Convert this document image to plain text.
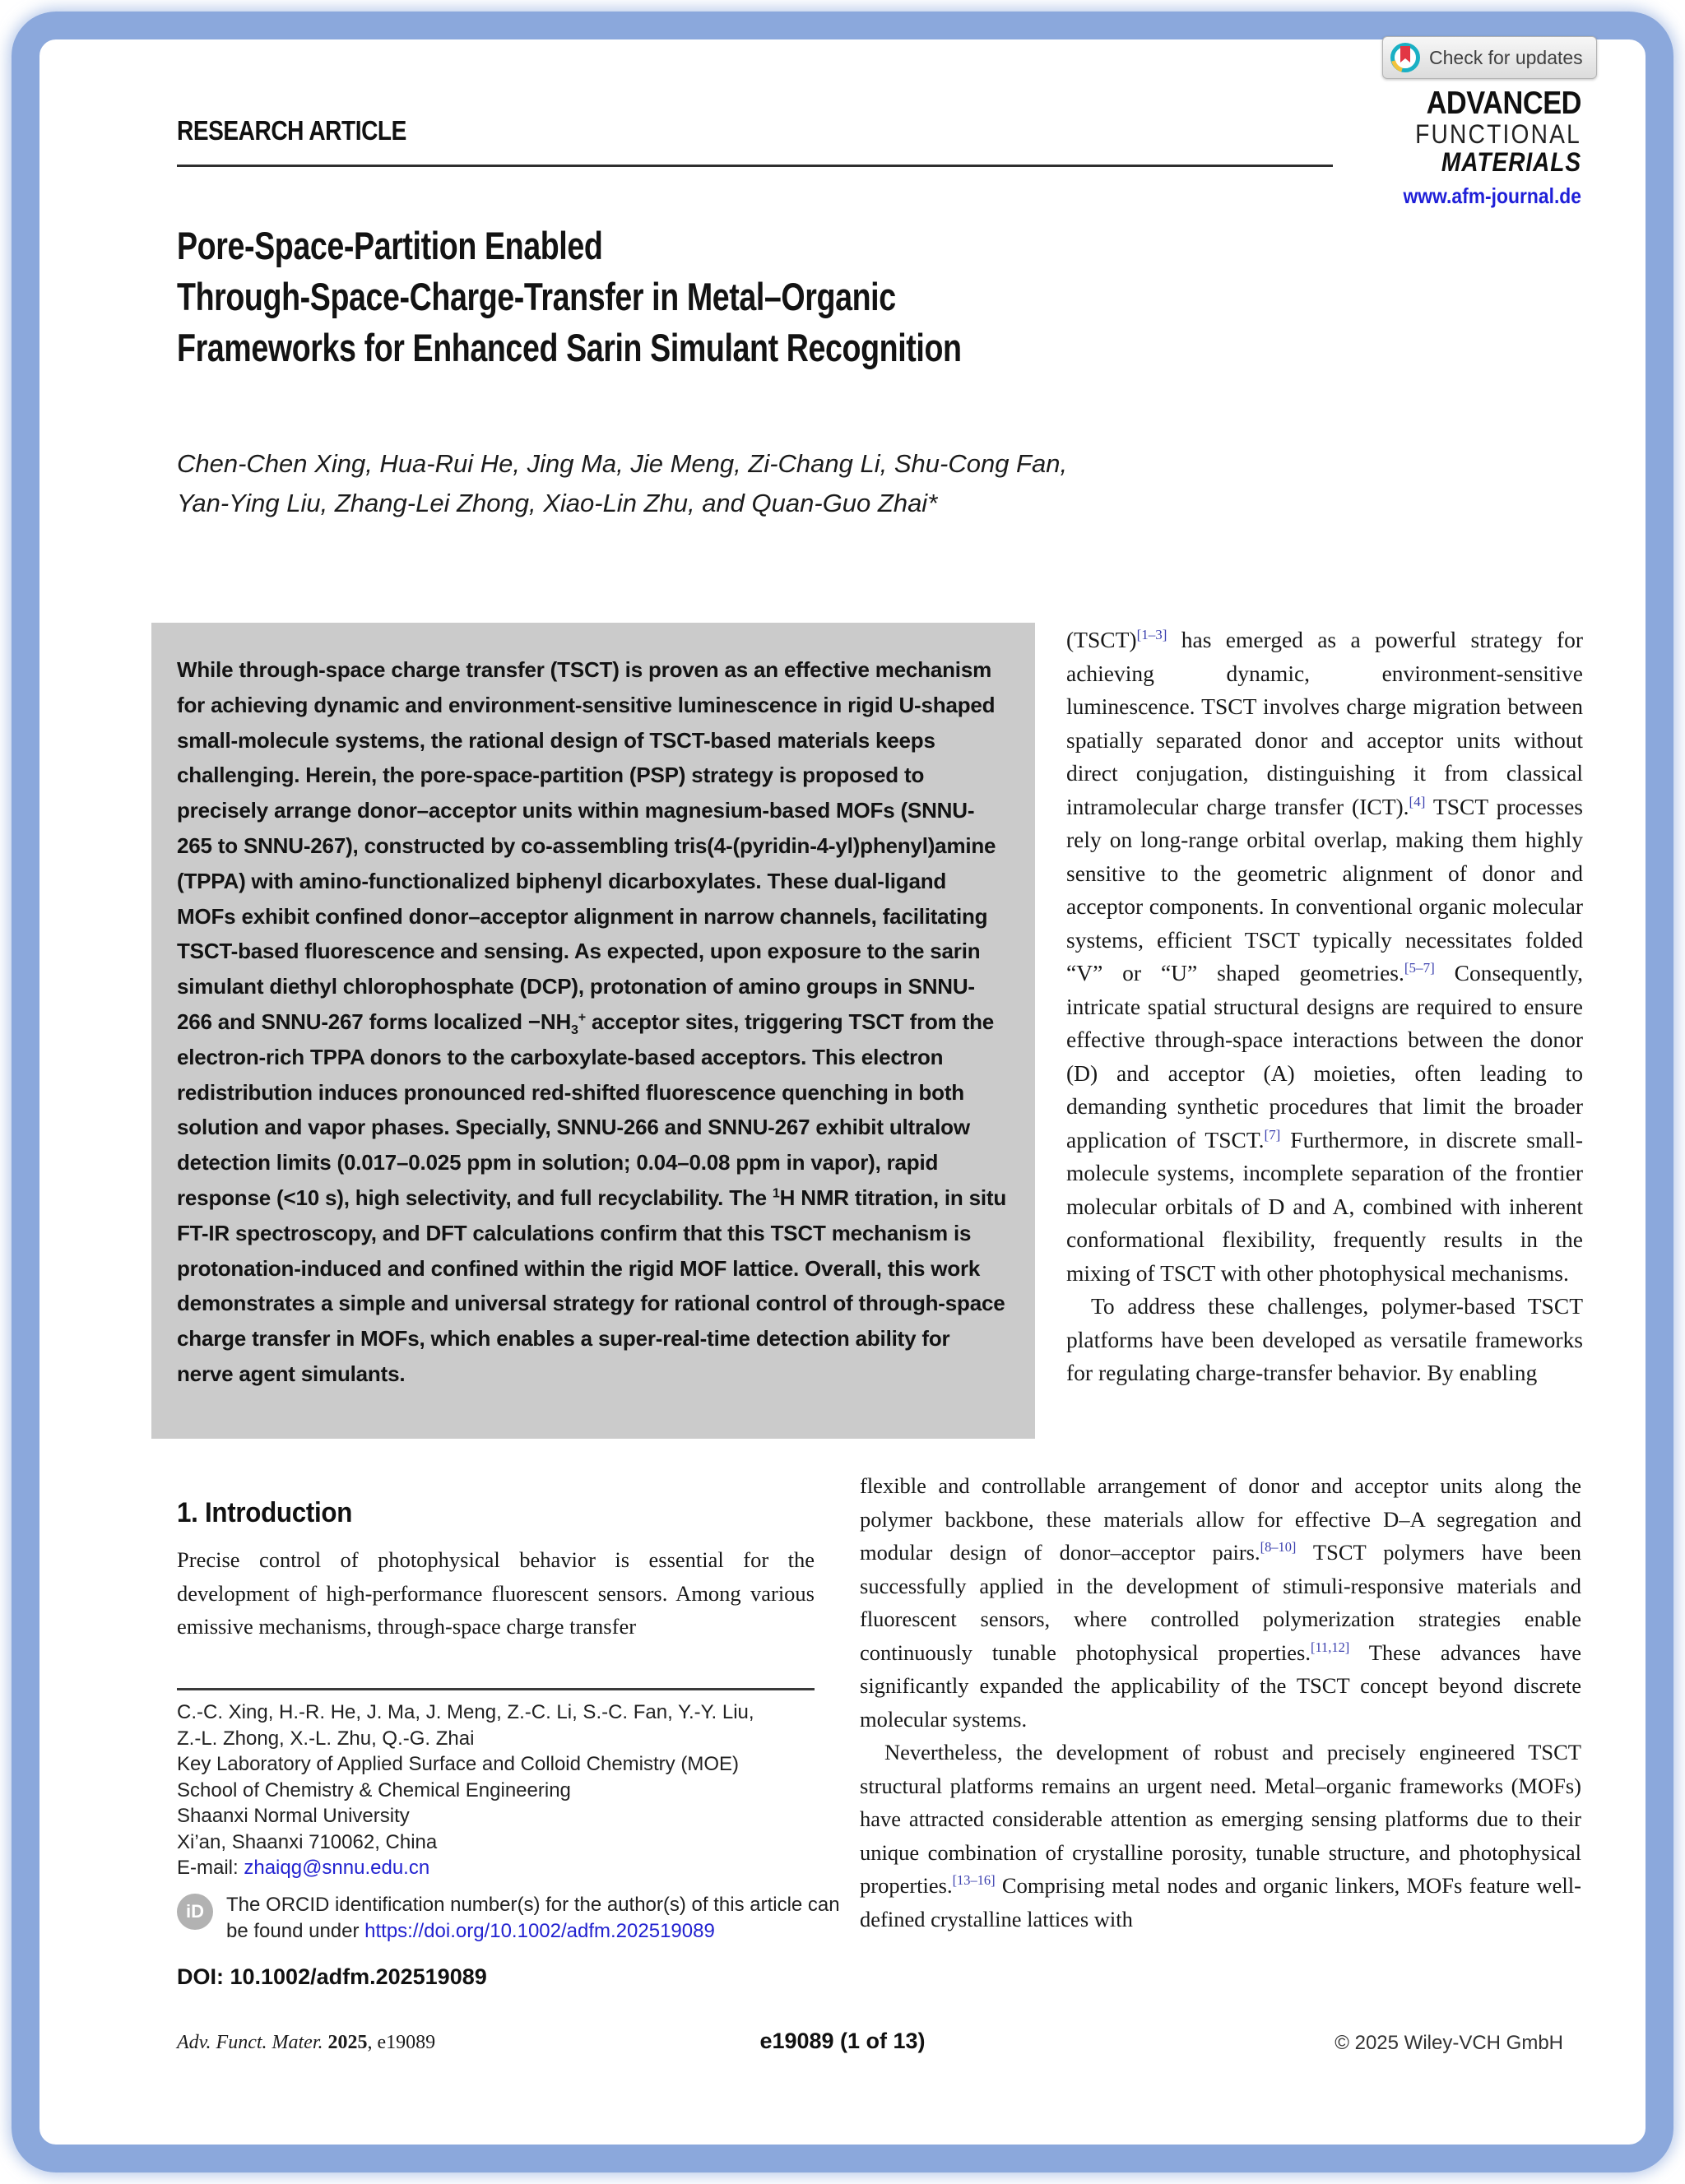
Check for updates
RESEARCH ARTICLE
ADVANCED
FUNCTIONAL
MATERIALS
www.afm-journal.de
Pore-Space-Partition Enabled
Through-Space-Charge-Transfer in Metal–Organic
Frameworks for Enhanced Sarin Simulant Recognition
Chen-Chen Xing, Hua-Rui He, Jing Ma, Jie Meng, Zi-Chang Li, Shu-Cong Fan,
Yan-Ying Liu, Zhang-Lei Zhong, Xiao-Lin Zhu, and Quan-Guo Zhai*

While through-space charge transfer (TSCT) is proven as an effective mechanism for achieving dynamic and environment-sensitive luminescence in rigid U-shaped small-molecule systems, the rational design of TSCT-based materials keeps challenging. Herein, the pore-space-partition (PSP) strategy is proposed to precisely arrange donor–acceptor units within magnesium-based MOFs (SNNU-265 to SNNU-267), constructed by co-assembling tris(4-(pyridin-4-yl)phenyl)amine (TPPA) with amino-functionalized biphenyl dicarboxylates. These dual-ligand MOFs exhibit confined donor–acceptor alignment in narrow channels, facilitating TSCT-based fluorescence and sensing. As expected, upon exposure to the sarin simulant diethyl chlorophosphate (DCP), protonation of amino groups in SNNU-266 and SNNU-267 forms localized $-NH_3^+$ acceptor sites, triggering TSCT from the electron-rich TPPA donors to the carboxylate-based acceptors. This electron redistribution induces pronounced red-shifted fluorescence quenching in both solution and vapor phases. Specially, SNNU-266 and SNNU-267 exhibit ultralow detection limits (0.017–0.025 ppm in solution; 0.04–0.08 ppm in vapor), rapid response (<10 s), high selectivity, and full recyclability. The $^1$H NMR titration, in situ FT-IR spectroscopy, and DFT calculations confirm that this TSCT mechanism is protonation-induced and confined within the rigid MOF lattice. Overall, this work demonstrates a simple and universal strategy for rational control of through-space charge transfer in MOFs, which enables a super-real-time detection ability for nerve agent simulants.

(TSCT)[1–3] has emerged as a powerful strategy for achieving dynamic, environment-sensitive luminescence. TSCT involves charge migration between spatially separated donor and acceptor units without direct conjugation, distinguishing it from classical intramolecular charge transfer (ICT).[4] TSCT processes rely on long-range orbital overlap, making them highly sensitive to the geometric alignment of donor and acceptor components. In conventional organic molecular systems, efficient TSCT typically necessitates folded “V” or “U” shaped geometries.[5–7] Consequently, intricate spatial structural designs are required to ensure effective through-space interactions between the donor (D) and acceptor (A) moieties, often leading to demanding synthetic procedures that limit the broader application of TSCT.[7] Furthermore, in discrete small-molecule systems, incomplete separation of the frontier molecular orbitals of D and A, combined with inherent conformational flexibility, frequently results in the mixing of TSCT with other photophysical mechanisms.

To address these challenges, polymer-based TSCT platforms have been developed as versatile frameworks for regulating charge-transfer behavior. By enabling

flexible and controllable arrangement of donor and acceptor units along the polymer backbone, these materials allow for effective D–A segregation and modular design of donor–acceptor pairs.[8–10] TSCT polymers have been successfully applied in the development of stimuli-responsive materials and fluorescent sensors, where controlled polymerization strategies enable continuously tunable photophysical properties.[11,12] These advances have significantly expanded the applicability of the TSCT concept beyond discrete molecular systems.

Nevertheless, the development of robust and precisely engineered TSCT structural platforms remains an urgent need. Metal–organic frameworks (MOFs) have attracted considerable attention as emerging sensing platforms due to their unique combination of crystalline porosity, tunable structure, and photophysical properties.[13–16] Comprising metal nodes and organic linkers, MOFs feature well-defined crystalline lattices with

1. Introduction

Precise control of photophysical behavior is essential for the development of high-performance fluorescent sensors. Among various emissive mechanisms, through-space charge transfer

C.-C. Xing, H.-R. He, J. Ma, J. Meng, Z.-C. Li, S.-C. Fan, Y.-Y. Liu,
Z.-L. Zhong, X.-L. Zhu, Q.-G. Zhai
Key Laboratory of Applied Surface and Colloid Chemistry (MOE)
School of Chemistry & Chemical Engineering
Shaanxi Normal University
Xi’an, Shaanxi 710062, China
E-mail: zhaiqg@snnu.edu.cn
iD	The ORCID identification number(s) for the author(s) of this article can be found under https://doi.org/10.1002/adfm.202519089

DOI: 10.1002/adfm.202519089
Adv. Funct. Mater. 2025, e19089	e19089 (1 of 13)	© 2025 Wiley-VCH GmbH
